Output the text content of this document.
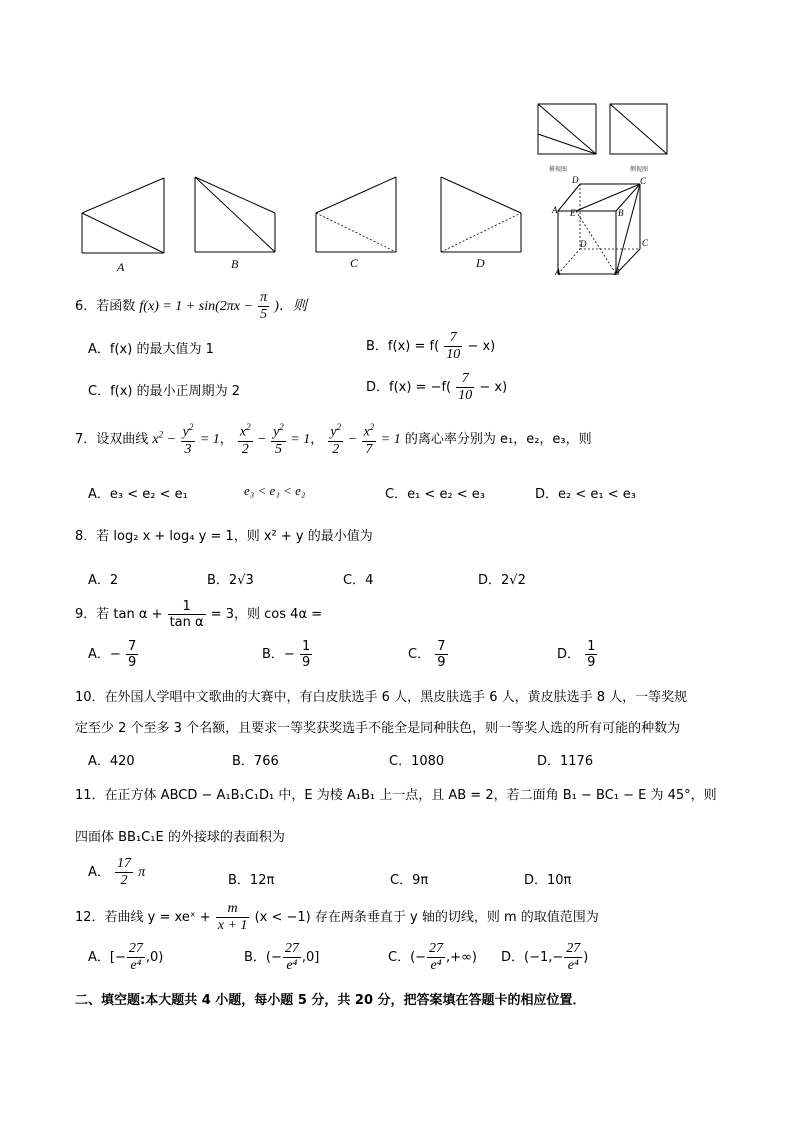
俯视图	侧视图
D	C
A E	B
D	C
A	B
A	B	C	D
6．若函数 $f(x) = 1 + \sin(2\pi x - \frac{\pi}{5}$ )．则
A．f(x) 的最大值为 1	B．$f(x) = f( \frac{7}{10} - x)$
C．f(x) 的最小正周期为 2	D．$f(x) = -f( \frac{7}{10} - x)$
7．设双曲线 $x^2 - \frac{y^2}{3} = 1$， $\frac{x^2}{2} - \frac{y^2}{5} = 1$， $\frac{y^2}{2} - \frac{x^2}{7} = 1$ 的离心率分别为 e₁，e₂，e₃，则
A．e₃ < e₂ < e₁	e₃ < e₁ < e₂	C．e₁ < e₂ < e₃	D．e₂ < e₁ < e₃
8．若 log₂ x + log₄ y = 1，则 x² + y 的最小值为
A．2	B．2√3	C．4	D．2√2
9．若 $\tan \alpha + \frac{1}{\text{tan α}} = 3$，则 cos 4α =
A．− $\frac{7}{9}$	B．− $\frac{1}{9}$	C． $\frac{7}{9}$	D． $\frac{1}{9}$
10．在外国人学唱中文歌曲的大赛中，有白皮肤选手 6 人，黑皮肤选手 6 人，黄皮肤选手 8 人，一等奖规
定至少 2 个至多 3 个名额，且要求一等奖获奖选手不能全是同种肤色，则一等奖人选的所有可能的种数为
A．420	B．766	C．1080	D．1176
11．在正方体 ABCD − A₁B₁C₁D₁ 中，E 为棱 A₁B₁ 上一点，且 AB = 2，若二面角 B₁ − BC₁ − E 为 45°，则
四面体 BB₁C₁E 的外接球的表面积为
A． $\frac{17}{2}$ π
B．12π	C．9π	D．10π
12．若曲线 y = xeˣ + $\frac{m}{x + 1} (x < -1)$ 存在两条垂直于 y 轴的切线，则 m 的取值范围为
A．[− $\frac{27}{\text{e⁴}} ,0$)	B．(− $\frac{27}{\text{e⁴}} ,0$]	C．(− $\frac{27}{\text{e⁴}}$ ,+∞) D．($-1,- \frac{27}{\text{e⁴}}$ )
二、填空题:本大题共 4 小题，每小题 5 分，共 20 分，把答案填在答题卡的相应位置．
